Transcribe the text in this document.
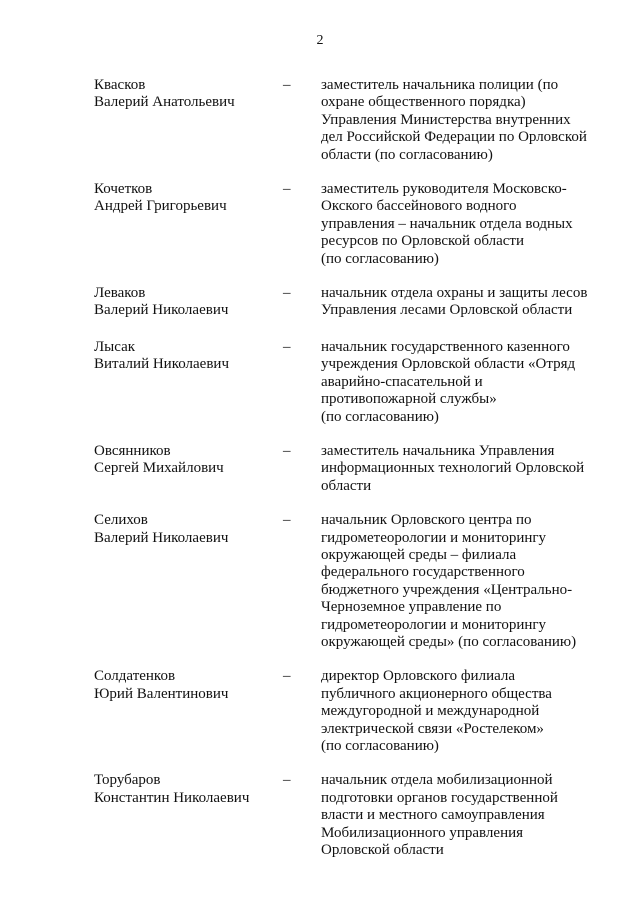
2
Квасков
Валерий Анатольевич
– заместитель начальника полиции (по
охране общественного порядка)
Управления Министерства внутренних
дел Российской Федерации по Орловской
области (по согласованию)
Кочетков
Андрей Григорьевич
– заместитель руководителя Московско-
Окского бассейнового водного
управления – начальник отдела водных
ресурсов по Орловской области
(по согласованию)
Леваков
Валерий Николаевич
– начальник отдела охраны и защиты лесов
Управления лесами Орловской области
Лысак
Виталий Николаевич
– начальник государственного казенного
учреждения Орловской области «Отряд
аварийно-спасательной и
противопожарной службы»
(по согласованию)
Овсянников
Сергей Михайлович
– заместитель начальника Управления
информационных технологий Орловской
области
Селихов
Валерий Николаевич
– начальник Орловского центра по
гидрометеорологии и мониторингу
окружающей среды – филиала
федерального государственного
бюджетного учреждения «Центрально-
Черноземное управление по
гидрометеорологии и мониторингу
окружающей среды» (по согласованию)
Солдатенков
Юрий Валентинович
– директор Орловского филиала
публичного акционерного общества
междугородной и международной
электрической связи «Ростелеком»
(по согласованию)
Торубаров
Константин Николаевич
– начальник отдела мобилизационной
подготовки органов государственной
власти и местного самоуправления
Мобилизационного управления
Орловской области
